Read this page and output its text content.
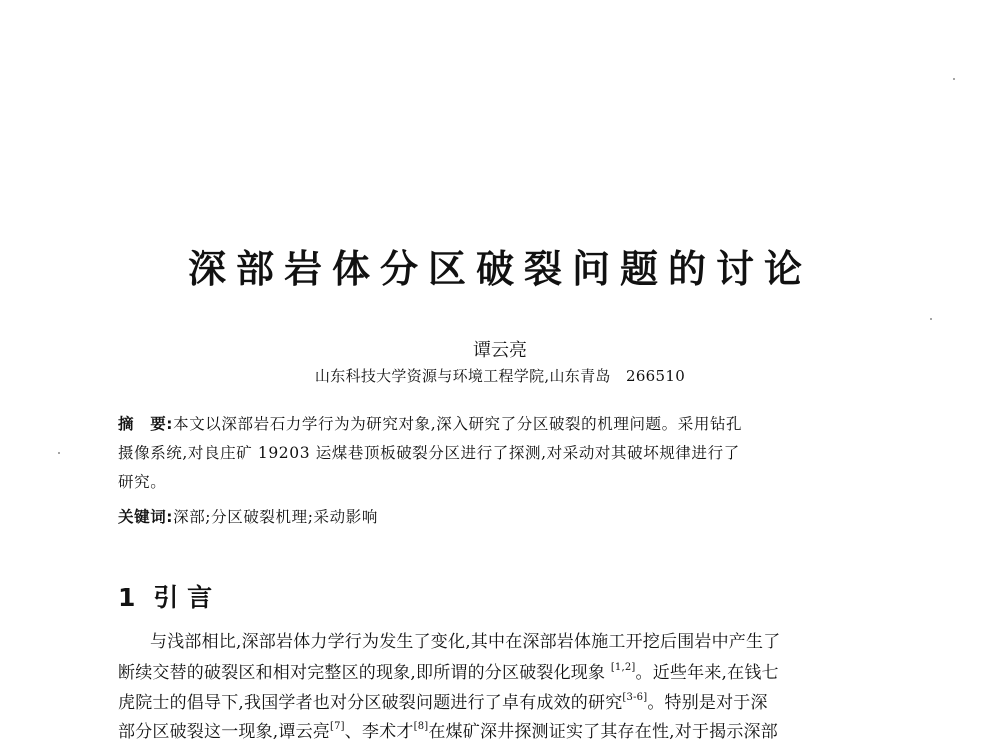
深部岩体分区破裂问题的讨论
谭云亮
山东科技大学资源与环境工程学院,山东青岛　266510
摘　要:本文以深部岩石力学行为为研究对象,深入研究了分区破裂的机理问题。采用钻孔
摄像系统,对良庄矿 19203 运煤巷顶板破裂分区进行了探测,对采动对其破坏规律进行了
研究。
关键词:深部;分区破裂机理;采动影响
1 引 言
与浅部相比,深部岩体力学行为发生了变化,其中在深部岩体施工开挖后围岩中产生了
断续交替的破裂区和相对完整区的现象,即所谓的分区破裂化现象 [1,2]。近些年来,在钱七
虎院士的倡导下,我国学者也对分区破裂问题进行了卓有成效的研究[3-6]。特别是对于深
部分区破裂这一现象,谭云亮[7]、李术才[8]在煤矿深井探测证实了其存在性,对于揭示深部
